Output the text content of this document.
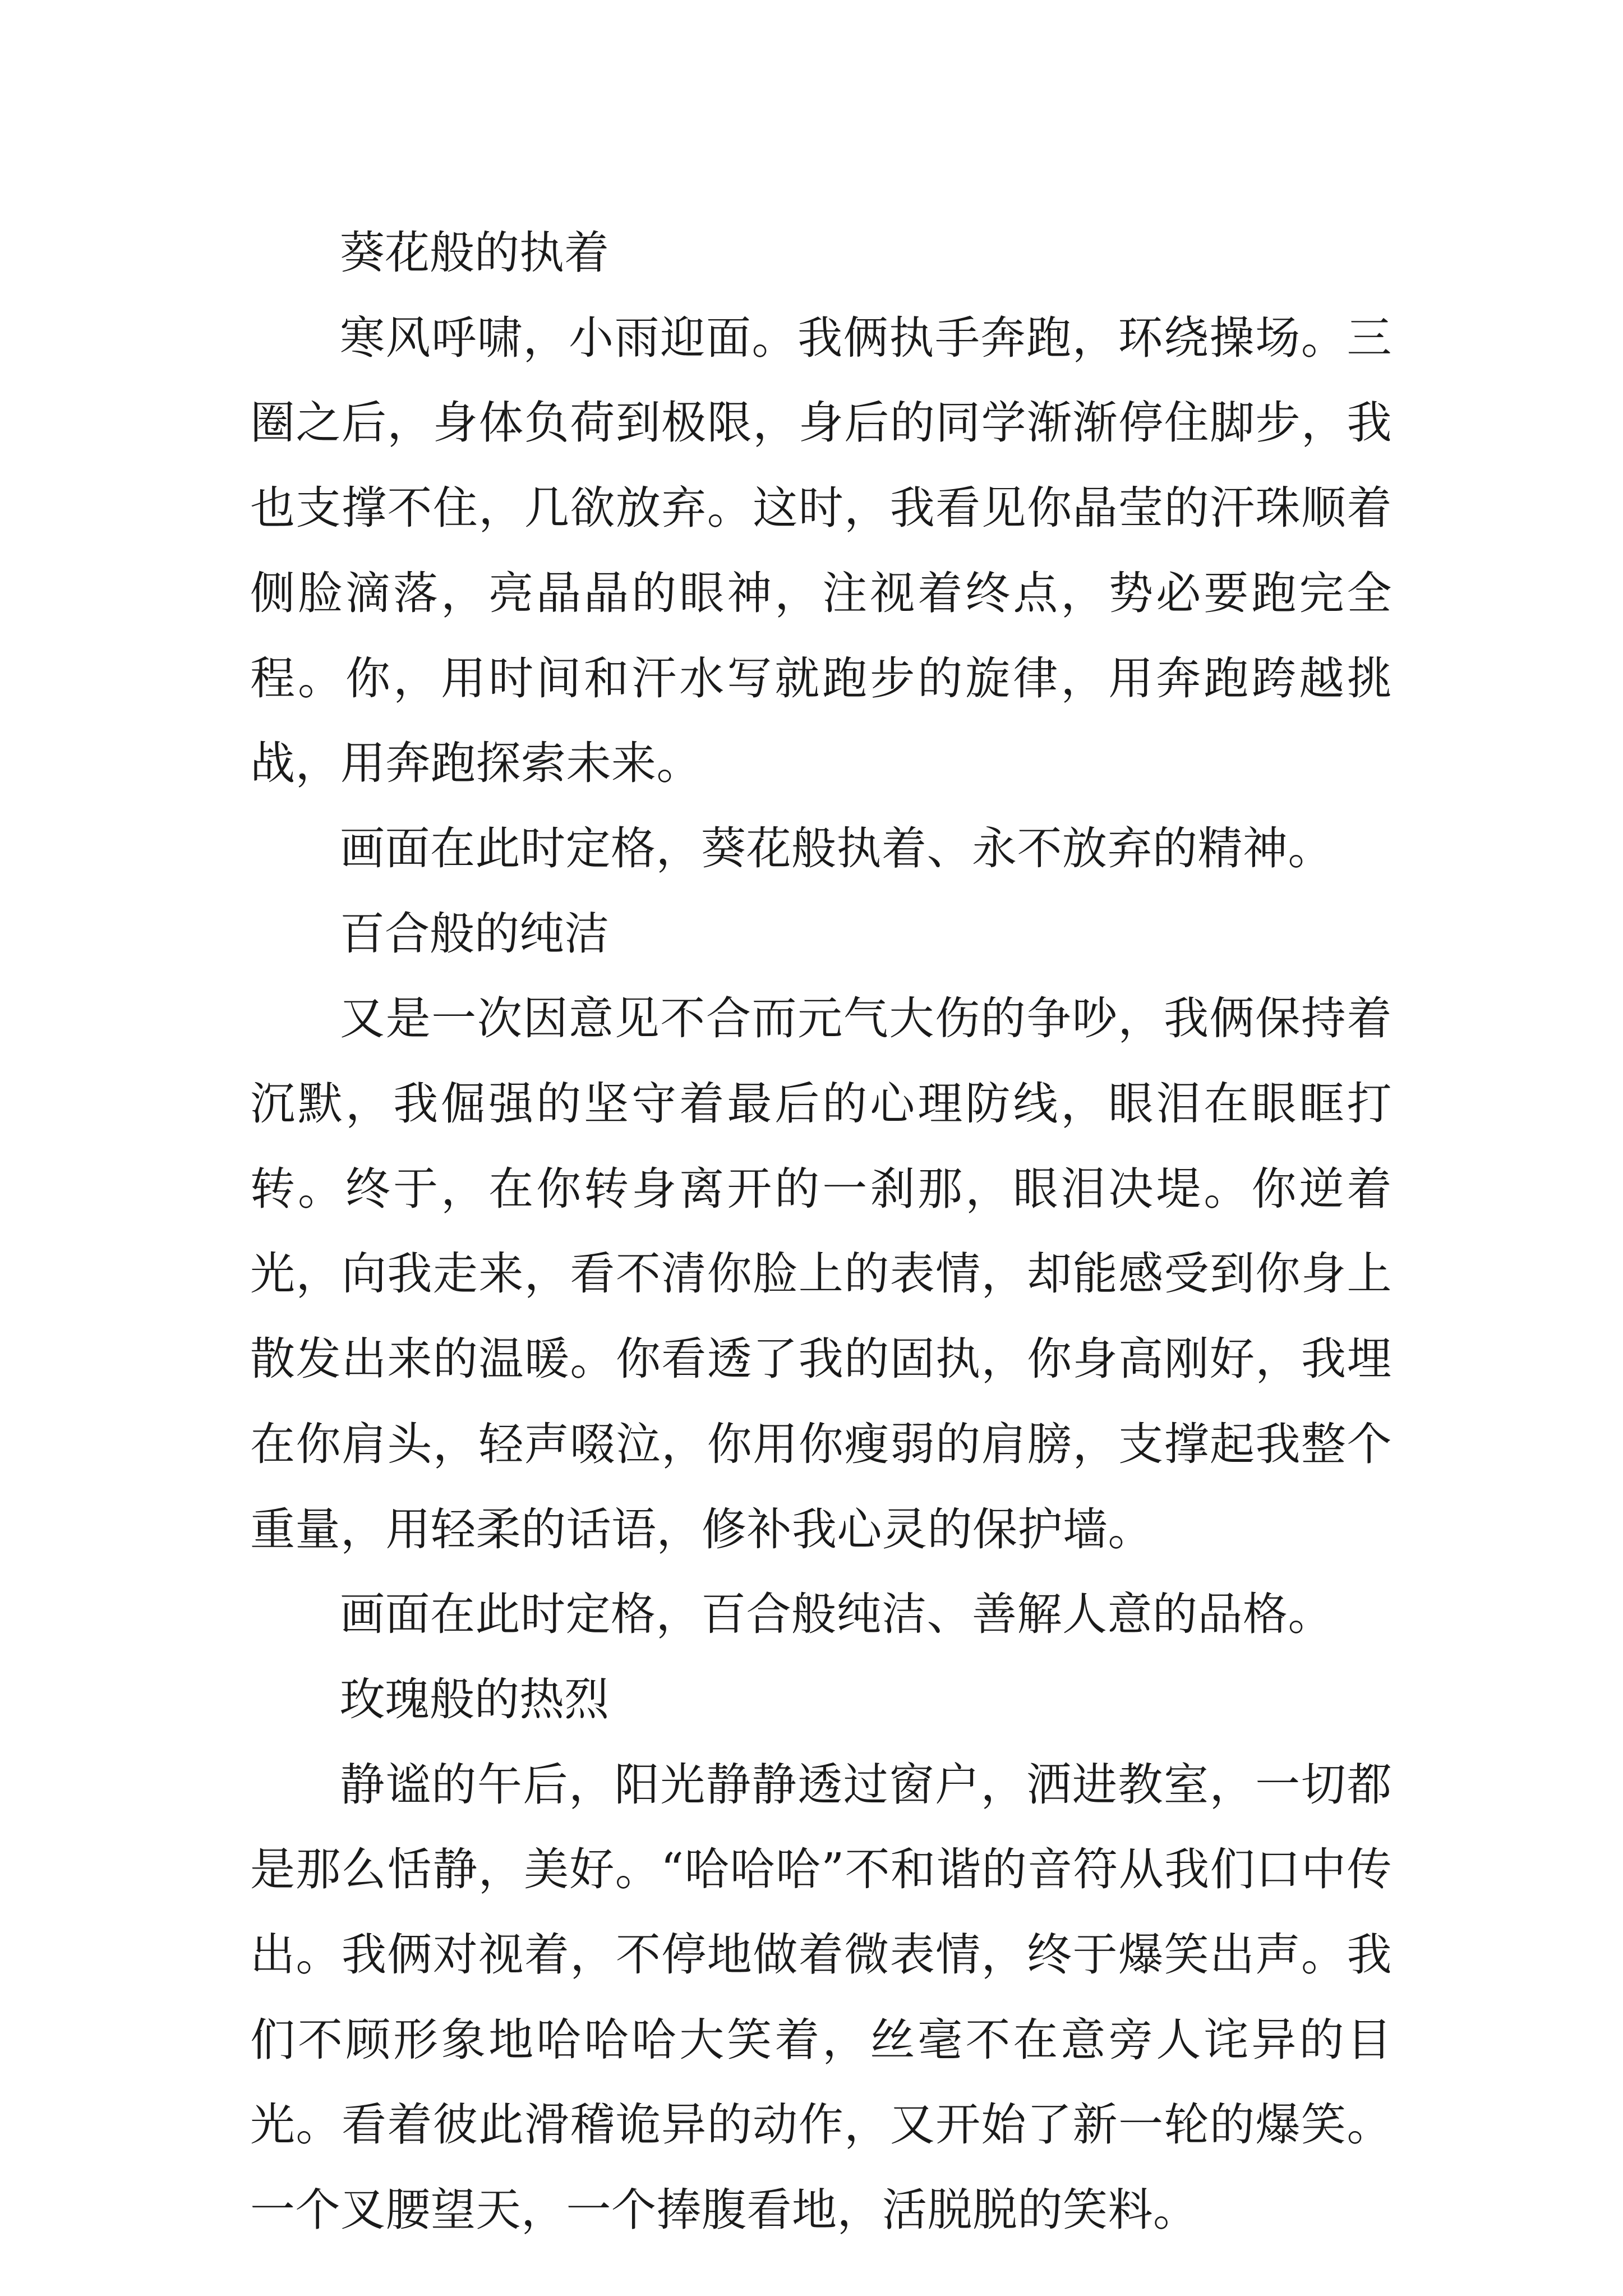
葵花般的执着

寒风呼啸，小雨迎面。我俩执手奔跑，环绕操场。三圈之后，身体负荷到极限，身后的同学渐渐停住脚步，我也支撑不住，几欲放弃。这时，我看见你晶莹的汗珠顺着侧脸滴落，亮晶晶的眼神，注视着终点，势必要跑完全程。你，用时间和汗水写就跑步的旋律，用奔跑跨越挑战，用奔跑探索未来。

画面在此时定格，葵花般执着、永不放弃的精神。

百合般的纯洁

又是一次因意见不合而元气大伤的争吵，我俩保持着沉默，我倔强的坚守着最后的心理防线，眼泪在眼眶打转。终于，在你转身离开的一刹那，眼泪决堤。你逆着光，向我走来，看不清你脸上的表情，却能感受到你身上散发出来的温暖。你看透了我的固执，你身高刚好，我埋在你肩头，轻声啜泣，你用你瘦弱的肩膀，支撑起我整个重量，用轻柔的话语，修补我心灵的保护墙。

画面在此时定格，百合般纯洁、善解人意的品格。

玫瑰般的热烈

静谧的午后，阳光静静透过窗户，洒进教室，一切都是那么恬静，美好。“哈哈哈”不和谐的音符从我们口中传出。我俩对视着，不停地做着微表情，终于爆笑出声。我们不顾形象地哈哈哈大笑着，丝毫不在意旁人诧异的目光。看着彼此滑稽诡异的动作，又开始了新一轮的爆笑。一个叉腰望天，一个捧腹看地，活脱脱的笑料。
